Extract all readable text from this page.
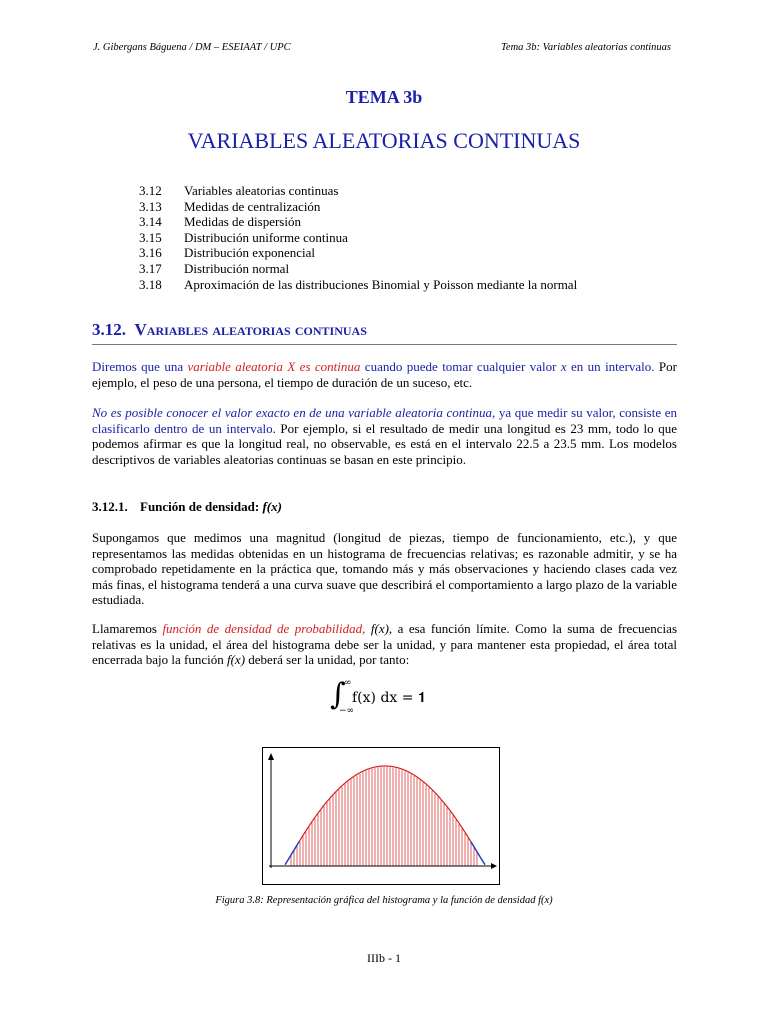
J. Gibergans Báguena / DM – ESEIAAT / UPC	Tema 3b: Variables aleatorias continuas
TEMA 3b
VARIABLES ALEATORIAS CONTINUAS
3.12	Variables aleatorias continuas
3.13	Medidas de centralización
3.14	Medidas de dispersión
3.15	Distribución uniforme continua
3.16	Distribución exponencial
3.17	Distribución normal
3.18	Aproximación de las distribuciones Binomial y Poisson mediante la normal
3.12. Variables aleatorias continuas
Diremos que una variable aleatoria X es continua cuando puede tomar cualquier valor x en un intervalo. Por ejemplo, el peso de una persona, el tiempo de duración de un suceso, etc.
No es posible conocer el valor exacto en de una variable aleatoria continua, ya que medir su valor, consiste en clasificarlo dentro de un intervalo. Por ejemplo, si el resultado de medir una longitud es 23 mm, todo lo que podemos afirmar es que la longitud real, no observable, es está en el intervalo 22.5 a 23.5 mm. Los modelos descriptivos de variables aleatorias continuas se basan en este principio.
3.12.1. Función de densidad: f(x)
Supongamos que medimos una magnitud (longitud de piezas, tiempo de funcionamiento, etc.), y que representamos las medidas obtenidas en un histograma de frecuencias relativas; es razonable admitir, y se ha comprobado repetidamente en la práctica que, tomando más y más observaciones y haciendo clases cada vez más finas, el histograma tenderá a una curva suave que describirá el comportamiento a largo plazo de la variable estudiada.
Llamaremos función de densidad de probabilidad, f(x), a esa función límite. Como la suma de frecuencias relativas es la unidad, el área del histograma debe ser la unidad, y para mantener esta propiedad, el área total encerrada bajo la función f(x) deberá ser la unidad, por tanto:
∫
∞
−∞
f(x) dx = 𝟏
Figura 3.8: Representación gráfica del histograma y la función de densidad f(x)
IIIb - 1
